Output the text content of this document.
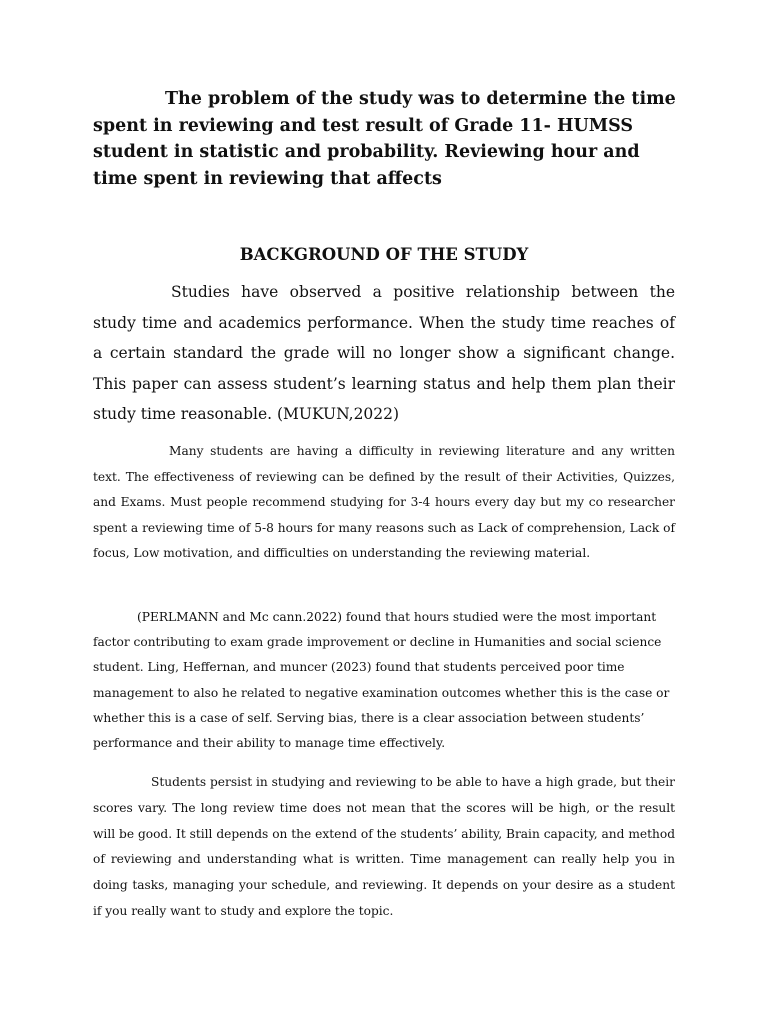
The problem of the study was to determine the time spent in reviewing and test result of Grade 11- HUMSS student in statistic and probability. Reviewing hour and time spent in reviewing that affects

BACKGROUND OF THE STUDY

Studies have observed a positive relationship between the study time and academics performance. When the study time reaches of a certain standard the grade will no longer show a significant change. This paper can assess student’s learning status and help them plan their study time reasonable. (MUKUN,2022)

Many students are having a difficulty in reviewing literature and any written text. The effectiveness of reviewing can be defined by the result of their Activities, Quizzes, and Exams. Must people recommend studying for 3-4 hours every day but my co researcher spent a reviewing time of 5-8 hours for many reasons such as Lack of comprehension, Lack of focus, Low motivation, and difficulties on understanding the reviewing material.

(PERLMANN and Mc cann.2022) found that hours studied were the most important factor contributing to exam grade improvement or decline in Humanities and social science student. Ling, Heffernan, and muncer (2023) found that students perceived poor time management to also he related to negative examination outcomes whether this is the case or whether this is a case of self. Serving bias, there is a clear association between students’ performance and their ability to manage time effectively.

Students persist in studying and reviewing to be able to have a high grade, but their scores vary. The long review time does not mean that the scores will be high, or the result will be good. It still depends on the extend of the students’ ability, Brain capacity, and method of reviewing and understanding what is written. Time management can really help you in doing tasks, managing your schedule, and reviewing. It depends on your desire as a student if you really want to study and explore the topic.
